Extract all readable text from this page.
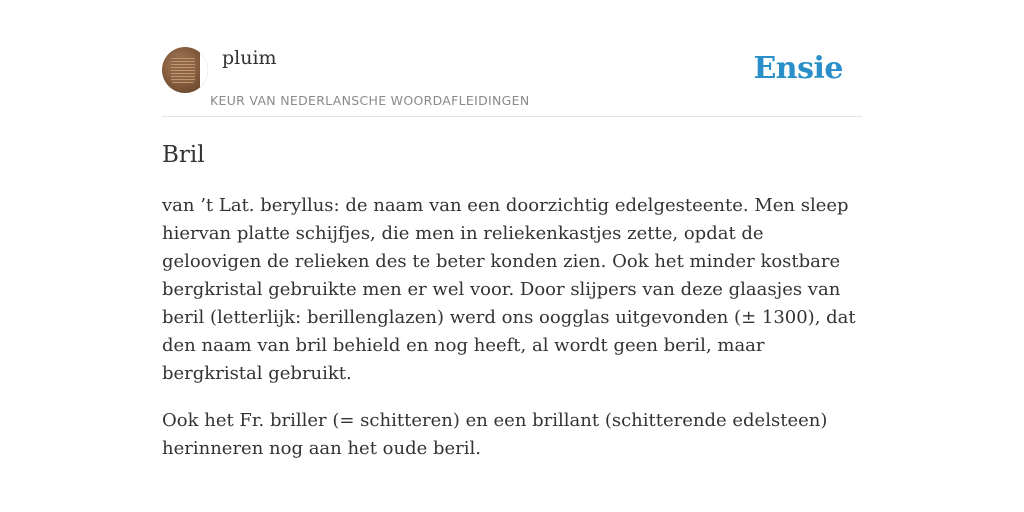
pluim
KEUR VAN NEDERLANSCHE WOORDAFLEIDINGEN
Ensie
Bril

van ’t Lat. beryllus: de naam van een doorzichtig edelgesteente. Men sleep hiervan platte schijfjes, die men in reliekenkastjes zette, opdat de geloovigen de relieken des te beter konden zien. Ook het minder kostbare bergkristal gebruikte men er wel voor. Door slijpers van deze glaasjes van beril (letterlijk: berillenglazen) werd ons oogglas uitgevonden (± 1300), dat den naam van bril behield en nog heeft, al wordt geen beril, maar bergkristal gebruikt.

Ook het Fr. briller (= schitteren) en een brillant (schitterende edelsteen) herinneren nog aan het oude beril.
